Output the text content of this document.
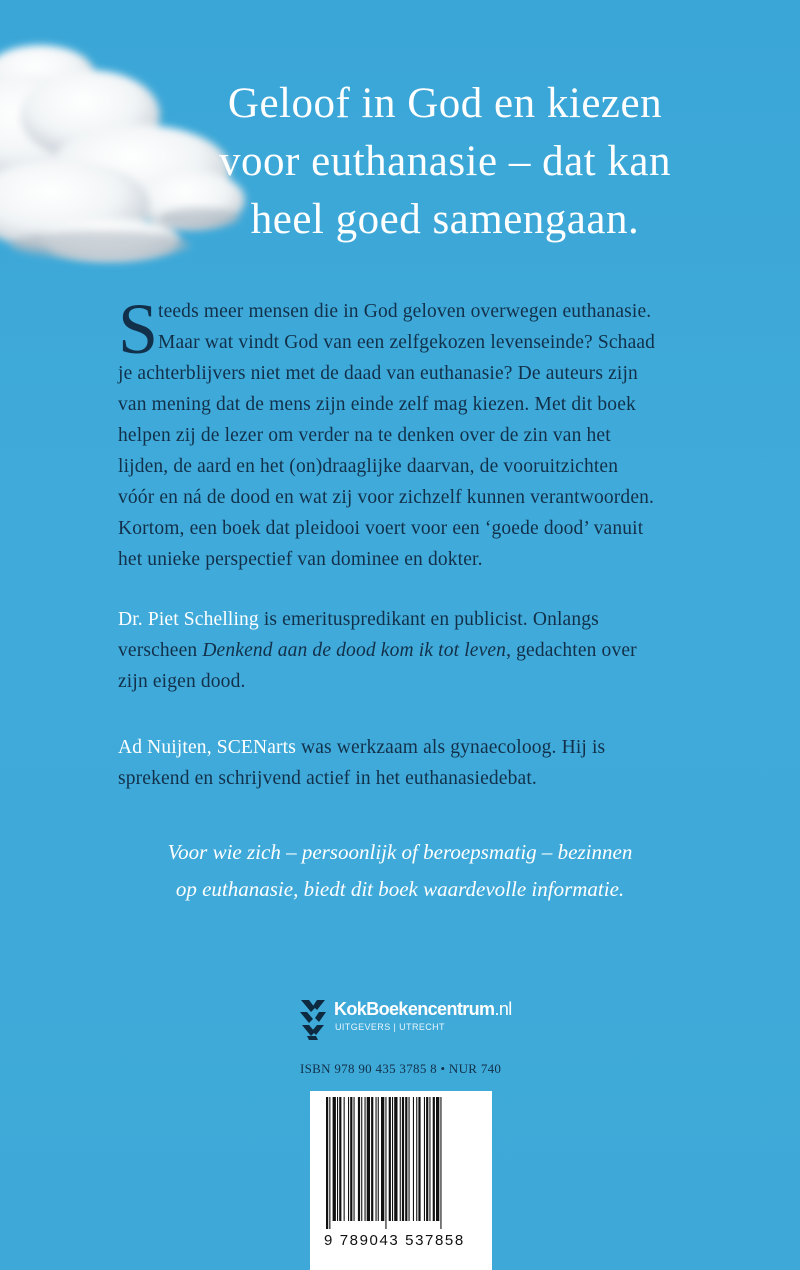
Geloof in God en kiezen
voor euthanasie – dat kan
heel goed samengaan.
S teeds meer mensen die in God geloven overwegen euthanasie.
Maar wat vindt God van een zelfgekozen levenseinde? Schaad
je achterblijvers niet met de daad van euthanasie? De auteurs zijn
van mening dat de mens zijn einde zelf mag kiezen. Met dit boek
helpen zij de lezer om verder na te denken over de zin van het
lijden, de aard en het (on)draaglijke daarvan, de vooruitzichten
vóór en ná de dood en wat zij voor zichzelf kunnen verantwoorden.
Kortom, een boek dat pleidooi voert voor een ‘goede dood’ vanuit
het unieke perspectief van dominee en dokter.
Dr. Piet Schelling is emerituspredikant en publicist. Onlangs
verscheen Denkend aan de dood kom ik tot leven, gedachten over
zijn eigen dood.
Ad Nuijten, SCENarts was werkzaam als gynaecoloog. Hij is
sprekend en schrijvend actief in het euthanasiedebat.
Voor wie zich – persoonlijk of beroepsmatig – bezinnen
op euthanasie, biedt dit boek waardevolle informatie.
KokBoekencentrum.nl
UITGEVERS | UTRECHT
ISBN 978 90 435 3785 8 • NUR 740
9 789043 537858
